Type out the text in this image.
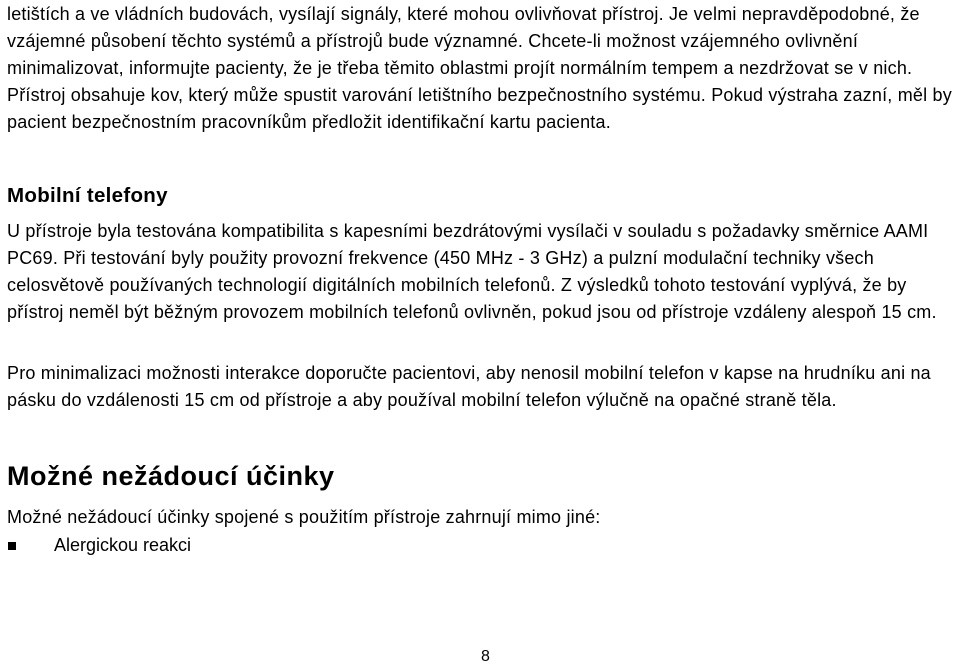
letištích a ve vládních budovách, vysílají signály, které mohou ovlivňovat přístroj. Je velmi nepravděpodobné, že vzájemné působení těchto systémů a přístrojů bude významné. Chcete-li možnost vzájemného ovlivnění minimalizovat, informujte pacienty, že je třeba těmito oblastmi projít normálním tempem a nezdržovat se v nich. Přístroj obsahuje kov, který může spustit varování letištního bezpečnostního systému. Pokud výstraha zazní, měl by pacient bezpečnostním pracovníkům předložit identifikační kartu pacienta.

Mobilní telefony

U přístroje byla testována kompatibilita s kapesními bezdrátovými vysílači v souladu s požadavky směrnice AAMI PC69. Při testování byly použity provozní frekvence (450 MHz - 3 GHz) a pulzní modulační techniky všech celosvětově používaných technologií digitálních mobilních telefonů. Z výsledků tohoto testování vyplývá, že by přístroj neměl být běžným provozem mobilních telefonů ovlivněn, pokud jsou od přístroje vzdáleny alespoň 15 cm.

Pro minimalizaci možnosti interakce doporučte pacientovi, aby nenosil mobilní telefon v kapse na hrudníku ani na pásku do vzdálenosti 15 cm od přístroje a aby používal mobilní telefon výlučně na opačné straně těla.

Možné nežádoucí účinky

Možné nežádoucí účinky spojené s použitím přístroje zahrnují mimo jiné:

Alergickou reakci
8
